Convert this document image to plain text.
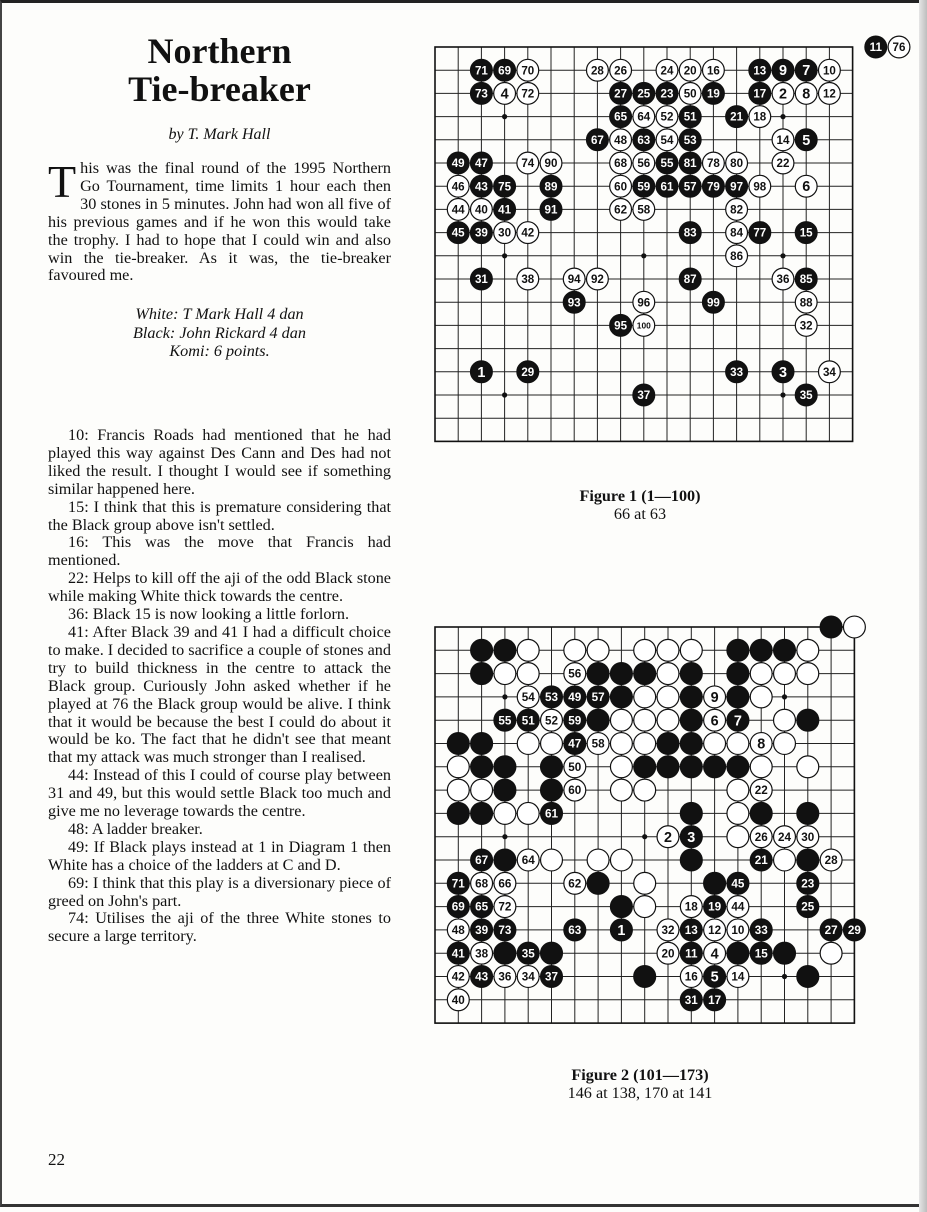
Northern
Tie-breaker
by T. Mark Hall
This was the final round of the 1995 Northern Go Tournament, time limits 1 hour each then 30 stones in 5 minutes. John had won all five of his previous games and if he won this would take the trophy. I had to hope that I could win and also win the tie-breaker. As it was, the tie-breaker favoured me.
White: T Mark Hall 4 dan
Black: John Rickard 4 dan
Komi: 6 points.

10: Francis Roads had mentioned that he had played this way against Des Cann and Des had not liked the result. I thought I would see if something similar happened here.

15: I think that this is premature considering that the Black group above isn't settled.

16: This was the move that Francis had mentioned.

22: Helps to kill off the aji of the odd Black stone while making White thick towards the centre.

36: Black 15 is now looking a little forlorn.

41: After Black 39 and 41 I had a difficult choice to make. I decided to sacrifice a couple of stones and try to build thickness in the centre to attack the Black group. Curiously John asked whether if he played at 76 the Black group would be alive. I think that it would be because the best I could do about it would be ko. The fact that he didn't see that meant that my attack was much stronger than I realised.

44: Instead of this I could of course play between 31 and 49, but this would settle Black too much and give me no leverage towards the centre.

48: A ladder breaker.

49: If Black plays instead at 1 in Diagram 1 then White has a choice of the ladders at C and D.

69: I think that this play is a diversionary piece of greed on John's part.

74: Utilises the aji of the three White stones to secure a large territory.

22
11 76
71 69 70	28 26	24 20 16	13 9 7 10
73 4 72	27 25 23 50 19	17 2 8 12
65 64 52 51	21 18
67 48 63 54 53	14 5
49 47	74 90	68 56 55 81 78 80	22
46 43 75	89	60 59 61 57 79 97 98 6
44 40 41	91	62 58	82
45 39 30 42	83	84 77	15
86
31	38	94 92	87	36 85
93	96	99	88
95 100	32
1	29	33 3	34
37	35
Figure 1 (1—100)
66 at 63
56
54 53 49 57	9
55 51 52 59	6 7
47 58	8
50
60	22
61
2 3	26 24 30
67	64	21	28
71 68 66	62	45	23
69 65 72	18 19 44	25
48 39 73	63	1	32 13 12 10 33	27 29
41 38	35	20 11 4	15
42 43 36 34 37	16 5 14
40	31 17
Figure 2 (101—173)
146 at 138, 170 at 141
